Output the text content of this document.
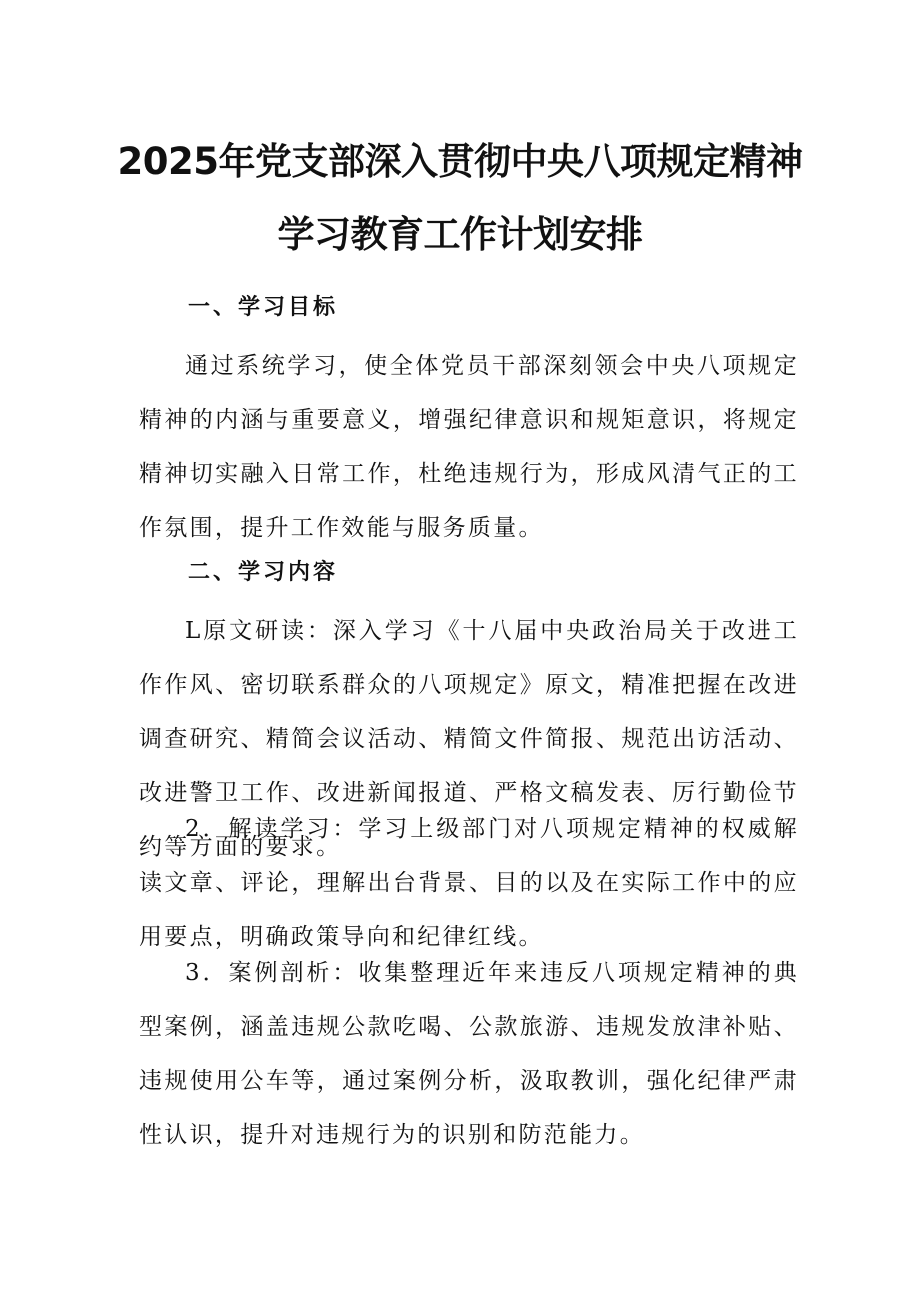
2025年党支部深入贯彻中央八项规定精神
学习教育工作计划安排
一、学习目标

通过系统学习，使全体党员干部深刻领会中央八项规定精神的内涵与重要意义，增强纪律意识和规矩意识，将规定精神切实融入日常工作，杜绝违规行为，形成风清气正的工作氛围，提升工作效能与服务质量。

二、学习内容

L原文研读：深入学习《十八届中央政治局关于改进工作作风、密切联系群众的八项规定》原文，精准把握在改进调查研究、精简会议活动、精简文件简报、规范出访活动、改进警卫工作、改进新闻报道、严格文稿发表、厉行勤俭节约等方面的要求。

2．解读学习：学习上级部门对八项规定精神的权威解读文章、评论，理解出台背景、目的以及在实际工作中的应用要点，明确政策导向和纪律红线。

3．案例剖析：收集整理近年来违反八项规定精神的典型案例，涵盖违规公款吃喝、公款旅游、违规发放津补贴、违规使用公车等，通过案例分析，汲取教训，强化纪律严肃性认识，提升对违规行为的识别和防范能力。
